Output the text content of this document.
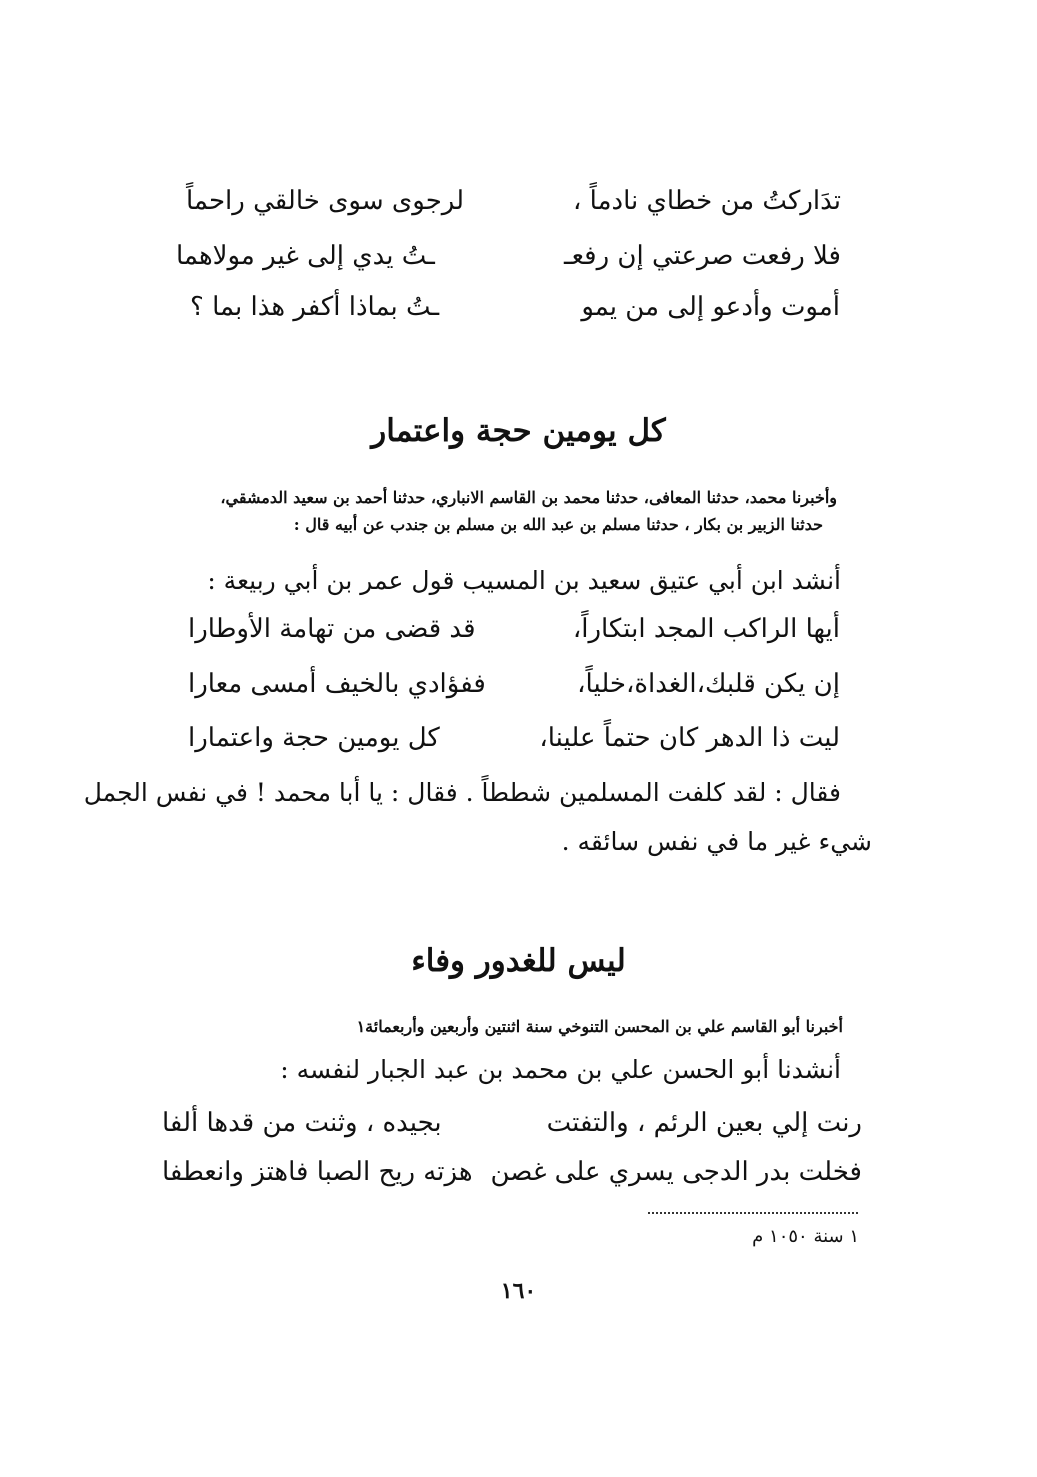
تدَاركتُ من خطاي نادماً ،
لرجوى سوى خالقي راحماً
فلا رفعت صرعتي إن رفعـ
ـتُ يدي إلى غير مولاهما
أموت وأدعو إلى من يمو
ـتُ بماذا أكفر هذا بما ؟
كل يومين حجة واعتمار
وأخبرنا محمد، حدثنا المعافى، حدثنا محمد بن القاسم الانباري، حدثنا أحمد بن سعيد الدمشقي،
حدثنا الزبير بن بكار ، حدثنا مسلم بن عبد الله بن مسلم بن جندب عن أبيه قال :
أنشد ابن أبي عتيق سعيد بن المسيب قول عمر بن أبي ربيعة :
أيها الراكب المجد ابتكاراً،
قد قضى من تهامة الأوطارا
إن يكن قلبك،الغداة،خلياً،
ففؤادي بالخيف أمسى معارا
ليت ذا الدهر كان حتماً علينا،
كل يومين حجة واعتمارا
فقال : لقد كلفت المسلمين شططاً . فقال : يا أبا محمد ! في نفس الجمل
شيء غير ما في نفس سائقه .
ليس للغدور وفاء
أخبرنا أبو القاسم علي بن المحسن التنوخي سنة اثنتين وأربعين وأربعمائة١
أنشدنا أبو الحسن علي بن محمد بن عبد الجبار لنفسه :
رنت إلي بعين الرئم ، والتفتت
بجيده ، وثنت من قدها ألفا
فخلت بدر الدجى يسري على غصن
هزته ريح الصبا فاهتز وانعطفا
١ سنة ١٠٥٠ م
١٦٠
